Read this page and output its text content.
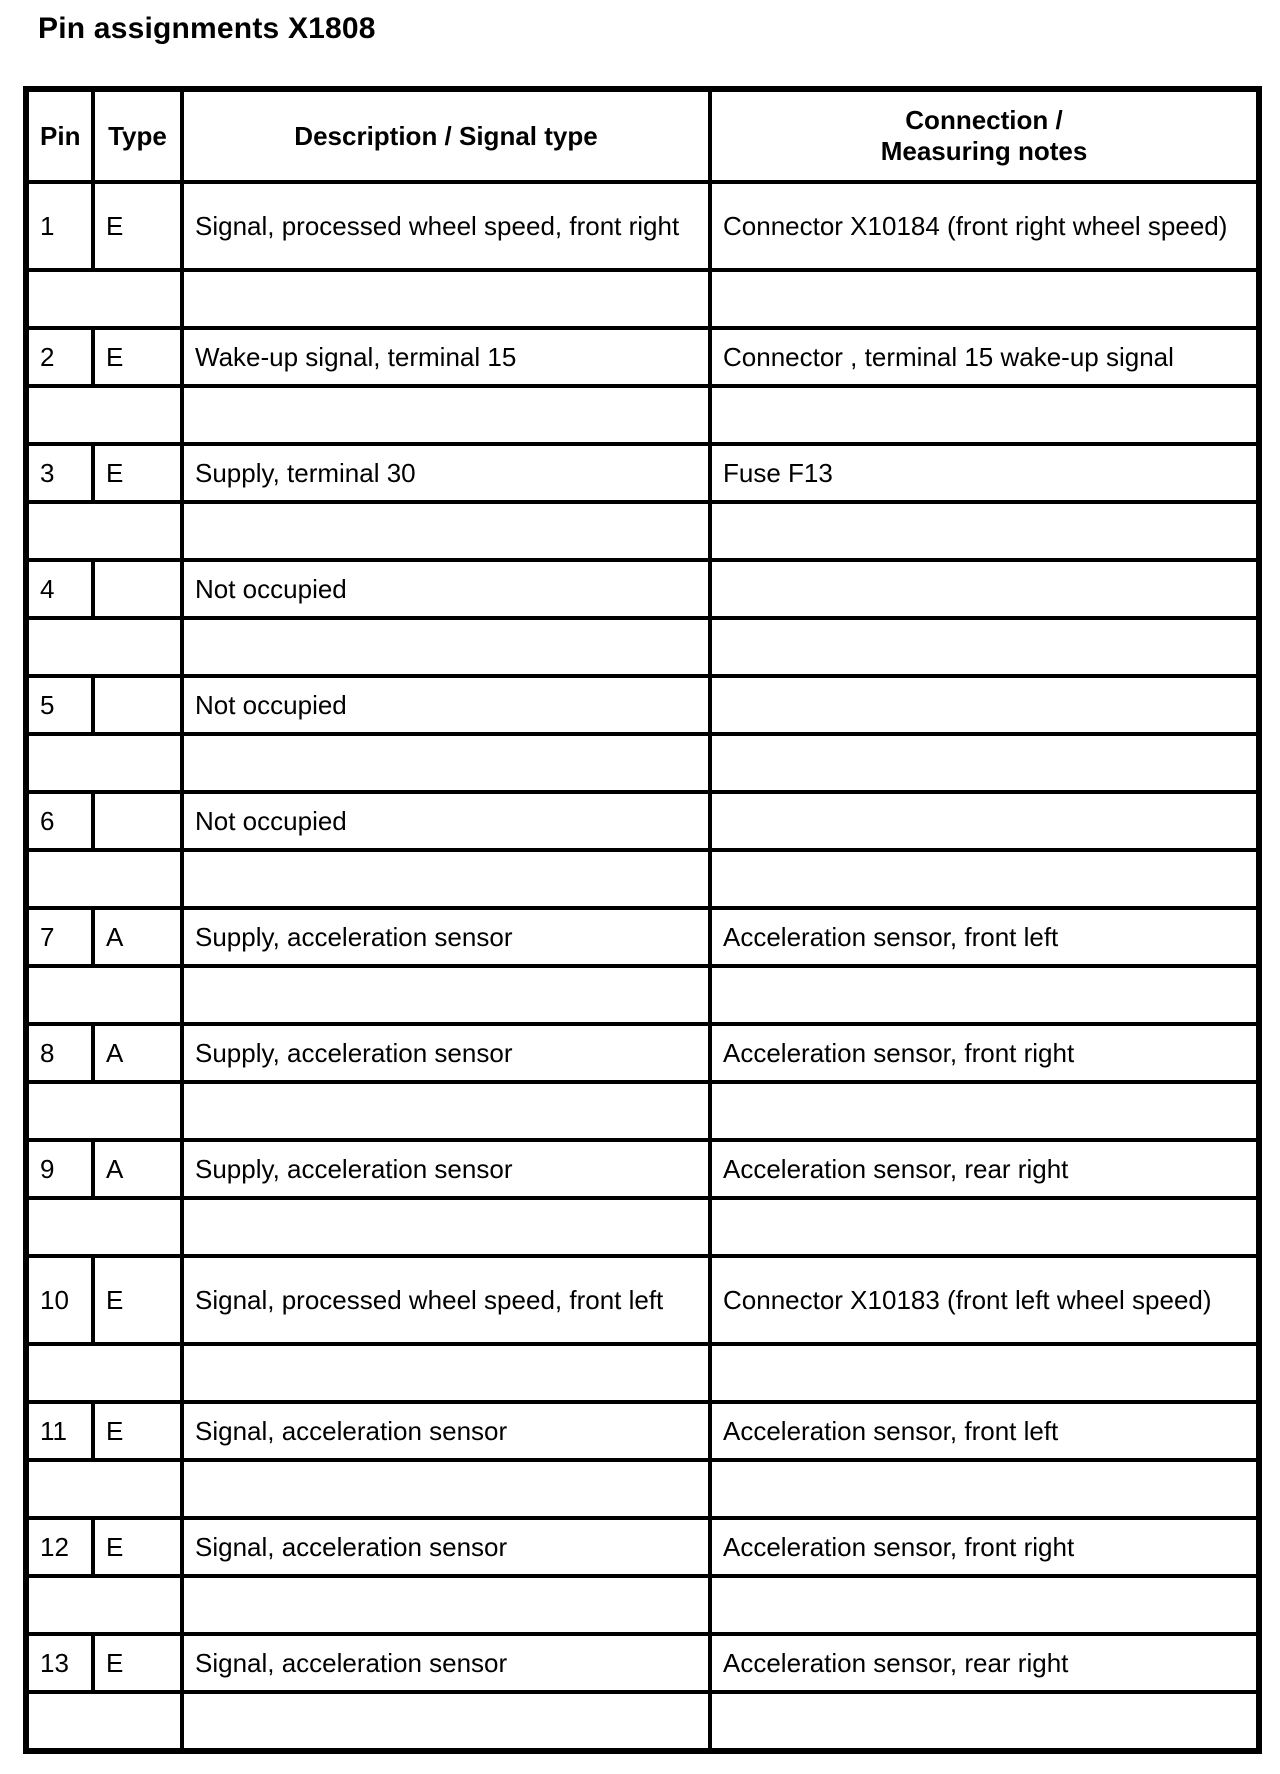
Pin assignments X1808
Pin	Type	Description / Signal type	Connection /
Measuring notes
1	E	Signal, processed wheel speed, front right	Connector X10184 (front right wheel speed)

2	E	Wake-up signal, terminal 15	Connector , terminal 15 wake-up signal

3	E	Supply, terminal 30	Fuse F13

4		Not occupied	

5		Not occupied	

6		Not occupied	

7	A	Supply, acceleration sensor	Acceleration sensor, front left

8	A	Supply, acceleration sensor	Acceleration sensor, front right

9	A	Supply, acceleration sensor	Acceleration sensor, rear right

10	E	Signal, processed wheel speed, front left	Connector X10183 (front left wheel speed)

11	E	Signal, acceleration sensor	Acceleration sensor, front left

12	E	Signal, acceleration sensor	Acceleration sensor, front right

13	E	Signal, acceleration sensor	Acceleration sensor, rear right
